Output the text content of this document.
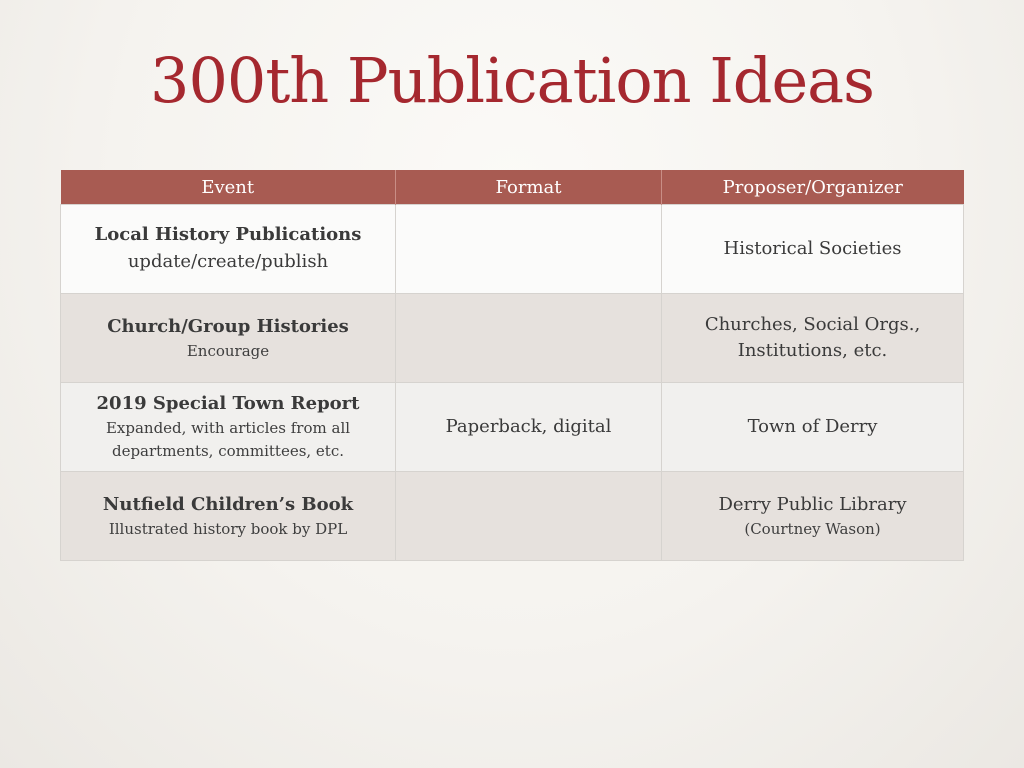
300th Publication Ideas
Event	Format	Proposer/Organizer

Local History Publications
update/create/publish		Historical Societies

Church/Group Histories
Encourage		Churches, Social Orgs.,
Institutions, etc.

2019 Special Town Report
Expanded, with articles from all
departments, committees, etc.	Paperback, digital	Town of Derry

Nutfield Children’s Book
Illustrated history book by DPL		Derry Public Library
(Courtney Wason)
